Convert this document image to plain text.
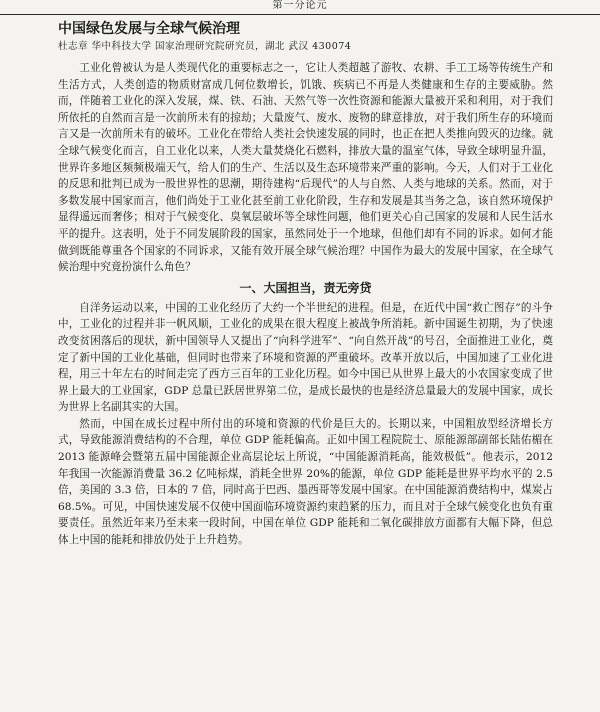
第一分论元
中国绿色发展与全球气候治理
杜志章 华中科技大学 国家治理研究院研究员，湖北 武汉 430074

工业化曾被认为是人类现代化的重要标志之一，它让人类超越了游牧、农耕、手工工场等传统生产和生活方式，人类创造的物质财富成几何位数增长，饥饿、疾病已不再是人类健康和生存的主要威胁。然而，伴随着工业化的深入发展，煤、铁、石油、天然气等一次性资源和能源大量被开采和利用，对于我们所依托的自然而言是一次前所未有的掠劫；大量废气、废水、废物的肆意排放，对于我们所生存的环境而言又是一次前所未有的破坏。工业化在带给人类社会快速发展的同时，也正在把人类推向毁灭的边缘。就全球气候变化而言，自工业化以来，人类大量焚烧化石燃料，排放大量的温室气体，导致全球明显升温，世界许多地区频频极端天气，给人们的生产、生活以及生态环境带来严重的影响。今天，人们对于工业化的反思和批判已成为一股世界性的思潮，期待建构“后现代”的人与自然、人类与地球的关系。然而，对于多数发展中国家而言，他们尚处于工业化甚至前工业化阶段，生存和发展是其当务之急，该自然环境保护显得遥远而奢侈；相对于气候变化、臭氧层破坏等全球性问题，他们更关心自己国家的发展和人民生活水平的提升。这表明，处于不同发展阶段的国家，虽然同处于一个地球，但他们却有不同的诉求。如何才能做到既能尊重各个国家的不同诉求，又能有效开展全球气候治理？中国作为最大的发展中国家，在全球气候治理中究竟扮演什么角色？

一、大国担当，责无旁贷

自洋务运动以来，中国的工业化经历了大约一个半世纪的进程。但是，在近代中国“救亡图存”的斗争中，工业化的过程并非一帆风顺，工业化的成果在很大程度上被战争所消耗。新中国诞生初期，为了快速改变贫困落后的现状，新中国领导人又提出了“向科学进军”、“向自然开战”的号召，全面推进工业化，奠定了新中国的工业化基础，但同时也带来了环境和资源的严重破坏。改革开放以后，中国加速了工业化进程，用三十年左右的时间走完了西方三百年的工业化历程。如今中国已从世界上最大的小农国家变成了世界上最大的工业国家，GDP 总量已跃居世界第二位，是成长最快的也是经济总量最大的发展中国家，成长为世界上名副其实的大国。

然而，中国在成长过程中所付出的环境和资源的代价是巨大的。长期以来，中国粗放型经济增长方式，导致能源消费结构的不合理，单位 GDP 能耗偏高。正如中国工程院院士、原能源部副部长陆佑楣在 2013 能源峰会暨第五届中国能源企业高层论坛上所说，“中国能源消耗高，能效极低”。他表示，2012 年我国一次能源消费量 36.2 亿吨标煤，消耗全世界 20%的能源，单位 GDP 能耗是世界平均水平的 2.5 倍，美国的 3.3 倍，日本的 7 倍，同时高于巴西、墨西哥等发展中国家。在中国能源消费结构中，煤炭占 68.5%。可见，中国快速发展不仅使中国面临环境资源约束趋紧的压力，而且对于全球气候变化也负有重要责任。虽然近年来乃至未来一段时间，中国在单位 GDP 能耗和二氧化碳排放方面都有大幅下降，但总体上中国的能耗和排放仍处于上升趋势。
